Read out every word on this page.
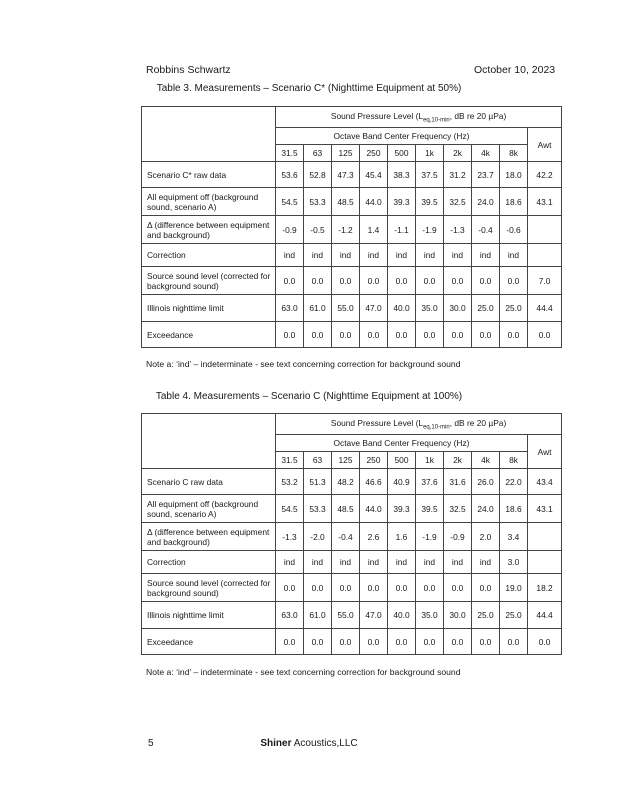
Robbins Schwartz	October 10, 2023
Table 3. Measurements – Scenario C* (Nighttime Equipment at 50%)
	Sound Pressure Level ($L_{eq,10-min}$, dB re 20 µPa)									
	Octave Band Center Frequency (Hz)									Awt
	31.5	63	125	250	500	1k	2k	4k	8k	
Scenario C* raw data	53.6	52.8	47.3	45.4	38.3	37.5	31.2	23.7	18.0	42.2
All equipment off (background sound, scenario A)	54.5	53.3	48.5	44.0	39.3	39.5	32.5	24.0	18.6	43.1
Δ (difference between equipment and background)	-0.9	-0.5	-1.2	1.4	-1.1	-1.9	-1.3	-0.4	-0.6	
Correction	ind	ind	ind	ind	ind	ind	ind	ind	ind	
Source sound level (corrected for background sound)	0.0	0.0	0.0	0.0	0.0	0.0	0.0	0.0	0.0	7.0
Illinois nighttime limit	63.0	61.0	55.0	47.0	40.0	35.0	30.0	25.0	25.0	44.4
Exceedance	0.0	0.0	0.0	0.0	0.0	0.0	0.0	0.0	0.0	0.0
Note a: ‘ind’ – indeterminate - see text concerning correction for background sound
Table 4. Measurements – Scenario C (Nighttime Equipment at 100%)
	Sound Pressure Level ($L_{eq,10-min}$, dB re 20 µPa)									
	Octave Band Center Frequency (Hz)									Awt
	31.5	63	125	250	500	1k	2k	4k	8k	
Scenario C raw data	53.2	51.3	48.2	46.6	40.9	37.6	31.6	26.0	22.0	43.4
All equipment off (background sound, scenario A)	54.5	53.3	48.5	44.0	39.3	39.5	32.5	24.0	18.6	43.1
Δ (difference between equipment and background)	-1.3	-2.0	-0.4	2.6	1.6	-1.9	-0.9	2.0	3.4	
Correction	ind	ind	ind	ind	ind	ind	ind	ind	3.0	
Source sound level (corrected for background sound)	0.0	0.0	0.0	0.0	0.0	0.0	0.0	0.0	19.0	18.2
Illinois nighttime limit	63.0	61.0	55.0	47.0	40.0	35.0	30.0	25.0	25.0	44.4
Exceedance	0.0	0.0	0.0	0.0	0.0	0.0	0.0	0.0	0.0	0.0
Note a: ‘ind’ – indeterminate - see text concerning correction for background sound
5	Shiner Acoustics,LLC
